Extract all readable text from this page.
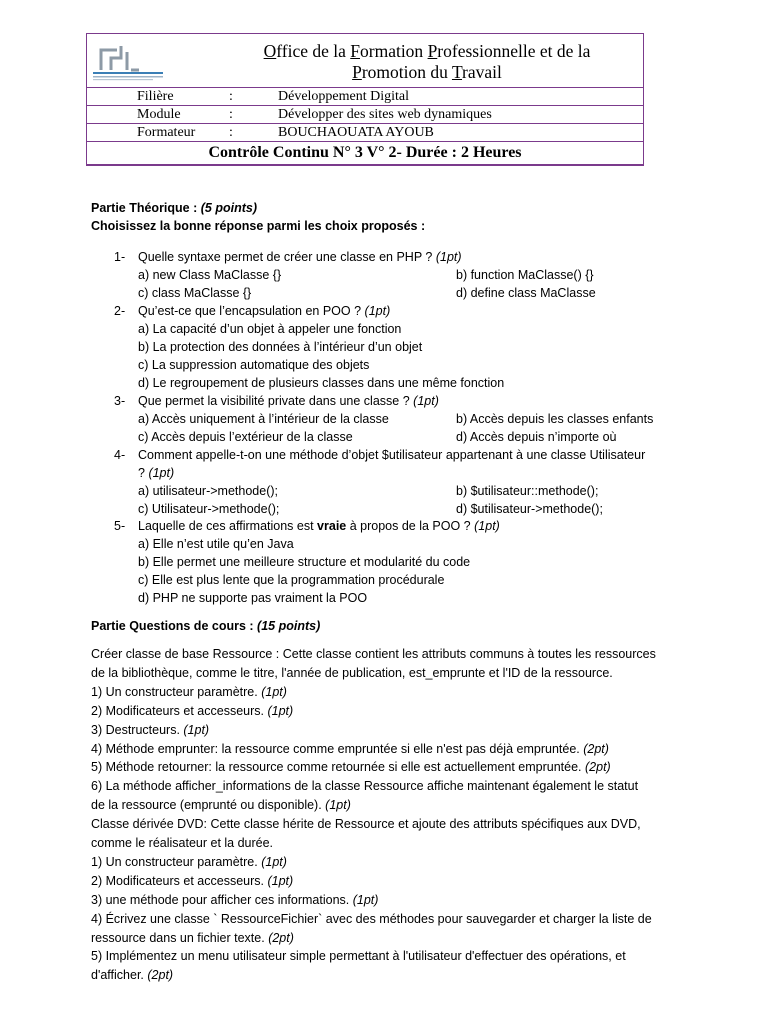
Office de la Formation Professionnelle et de la
Promotion du Travail
Filière	:	Développement Digital
Module	:	Développer des sites web dynamiques
Formateur :	BOUCHAOUATA AYOUB
Contrôle Continu N° 3 V° 2- Durée : 2 Heures
Partie Théorique : (5 points)
Choisissez la bonne réponse parmi les choix proposés :
1- Quelle syntaxe permet de créer une classe en PHP ? (1pt)
a) new Class MaClasse {}	b) function MaClasse() {}
c) class MaClasse {}	d) define class MaClasse
2- Qu’est-ce que l’encapsulation en POO ? (1pt)
a) La capacité d’un objet à appeler une fonction
b) La protection des données à l’intérieur d’un objet
c) La suppression automatique des objets
d) Le regroupement de plusieurs classes dans une même fonction
3- Que permet la visibilité private dans une classe ? (1pt)
a) Accès uniquement à l’intérieur de la classe	b) Accès depuis les classes enfants
c) Accès depuis l’extérieur de la classe	d) Accès depuis n’importe où
4- Comment appelle-t-on une méthode d’objet $utilisateur appartenant à une classe Utilisateur
? (1pt)
a) utilisateur->methode();	b) $utilisateur::methode();
c) Utilisateur->methode();	d) $utilisateur->methode();
5- Laquelle de ces affirmations est vraie à propos de la POO ? (1pt)
a) Elle n’est utile qu’en Java
b) Elle permet une meilleure structure et modularité du code
c) Elle est plus lente que la programmation procédurale
d) PHP ne supporte pas vraiment la POO
Partie Questions de cours : (15 points)
Créer classe de base Ressource : Cette classe contient les attributs communs à toutes les ressources
de la bibliothèque, comme le titre, l'année de publication, est_emprunte et l'ID de la ressource.
1) Un constructeur paramètre. (1pt)
2) Modificateurs et accesseurs. (1pt)
3) Destructeurs. (1pt)
4) Méthode emprunter: la ressource comme empruntée si elle n'est pas déjà empruntée. (2pt)
5) Méthode retourner: la ressource comme retournée si elle est actuellement empruntée. (2pt)
6) La méthode afficher_informations de la classe Ressource affiche maintenant également le statut
de la ressource (emprunté ou disponible). (1pt)
Classe dérivée DVD: Cette classe hérite de Ressource et ajoute des attributs spécifiques aux DVD,
comme le réalisateur et la durée.
1) Un constructeur paramètre. (1pt)
2) Modificateurs et accesseurs. (1pt)
3) une méthode pour afficher ces informations. (1pt)
4) Écrivez une classe ` RessourceFichier` avec des méthodes pour sauvegarder et charger la liste de
ressource dans un fichier texte. (2pt)
5) Implémentez un menu utilisateur simple permettant à l'utilisateur d'effectuer des opérations, et
d'afficher. (2pt)
